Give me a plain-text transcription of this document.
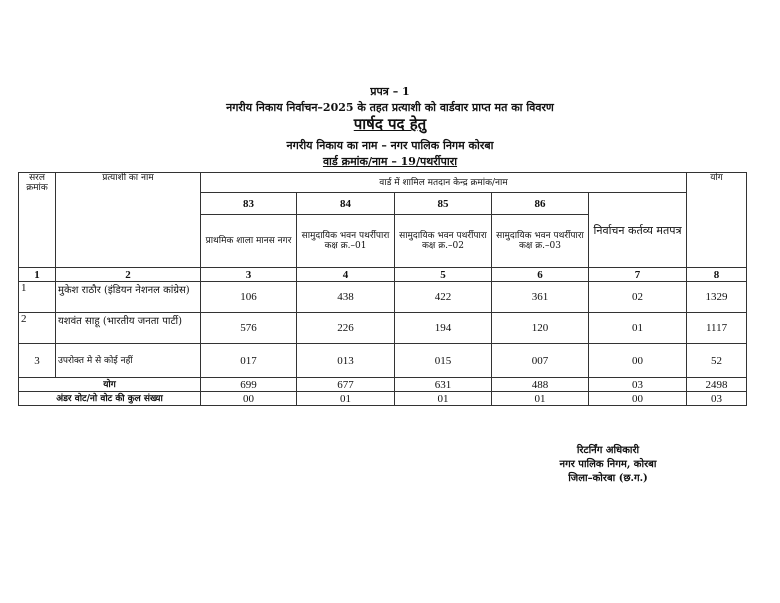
प्रपत्र – 1
नगरीय निकाय निर्वाचन–2025 के तहत प्रत्याशी को वार्डवार प्राप्त मत का विवरण
पार्षद पद हेतु
नगरीय निकाय का नाम – नगर पालिक निगम कोरबा
वार्ड क्रमांक/नाम – 19/पथर्रीपारा
सरल क्रमांक	प्रत्याशी का नाम	वार्ड में शामिल मतदान केन्द्र क्रमांक/नाम					योग
		83	84	85	86	निर्वाचन कर्तव्य मतपत्र	
		प्राथमिक शाला मानस नगर	सामुदायिक भवन पथर्रीपारा कक्ष क्र.–01	सामुदायिक भवन पथर्रीपारा कक्ष क्र.–02	सामुदायिक भवन पथर्रीपारा कक्ष क्र.–03		
1	2	3	4	5	6	7	8
1	मुकेश राठौर (इंडियन नेशनल कांग्रेस)	106	438	422	361	02	1329
2	यशवंत साहू (भारतीय जनता पार्टी)	576	226	194	120	01	1117
3	उपरोक्त मे से कोई नहीं	017	013	015	007	00	52
योग		699	677	631	488	03	2498
अंडर वोट/नो वोट की कुल संख्या		00	01	01	01	00	03
रिटर्निंग अधिकारी
नगर पालिक निगम, कोरबा
जिला–कोरबा (छ.ग.)
